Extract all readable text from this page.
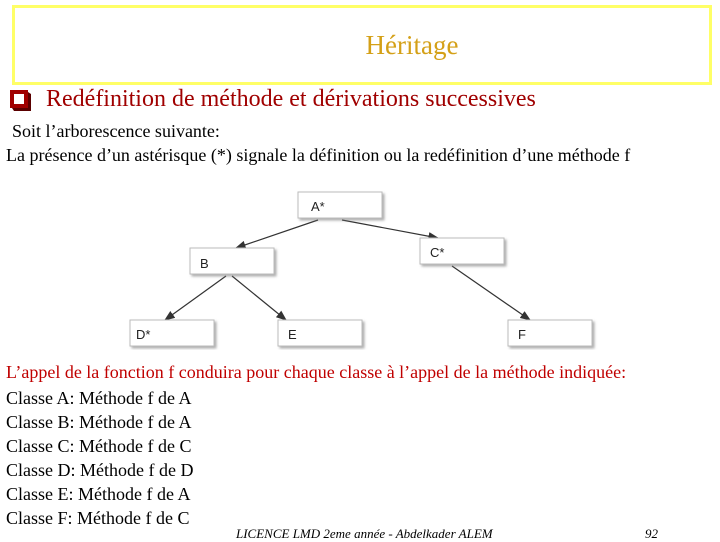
Héritage
Redéfinition de méthode et dérivations successives
Soit l’arborescence suivante:
La présence d’un astérisque (*) signale la définition ou la redéfinition d’une méthode f
A*
B
C*
D*	E	F
L’appel de la fonction f conduira pour chaque classe à l’appel de la méthode indiquée:
Classe A: Méthode f de A
Classe B: Méthode f de A
Classe C: Méthode f de C
Classe D: Méthode f de D
Classe E: Méthode f de A
Classe F: Méthode f de C
LICENCE LMD 2eme année - Abdelkader ALEM	92
